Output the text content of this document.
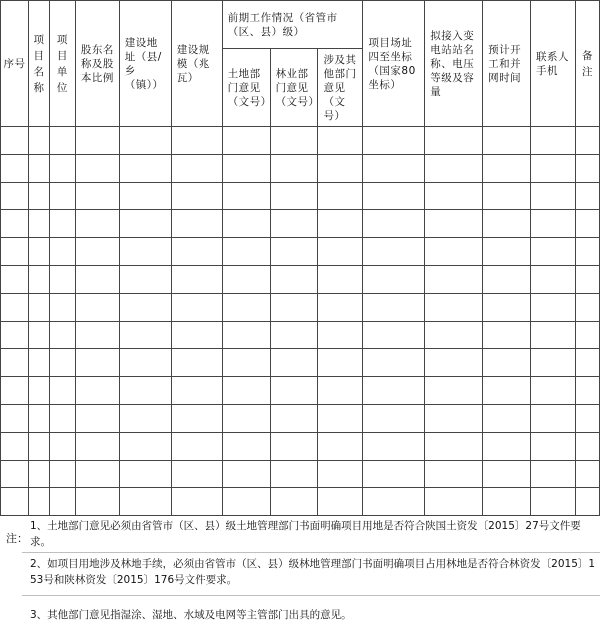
序号	项目名称	项目单位	股东名称及股本比例	建设地址（县/乡（镇））	建设规模（兆瓦）	前期工作情况（省管市（区、县）级）			项目场址四至坐标（国家80坐标）	拟接入变电站站名称、电压等级及容量	预计开工和并网时间	联系人手机	备注

						土地部门意见（文号）	林业部门意见（文号）	涉及其他部门意见（文号）					

注：
1、土地部门意见必须由省管市（区、县）级土地管理部门书面明确项目用地是否符合陕国土资发〔2015〕27号文件要求。
2、如项目用地涉及林地手续，必须由省管市（区、县）级林地管理部门书面明确项目占用林地是否符合林资发〔2015〕153号和陕林资发〔2015〕176号文件要求。
3、其他部门意见指湿涂、湿地、水域及电网等主管部门出具的意见。
